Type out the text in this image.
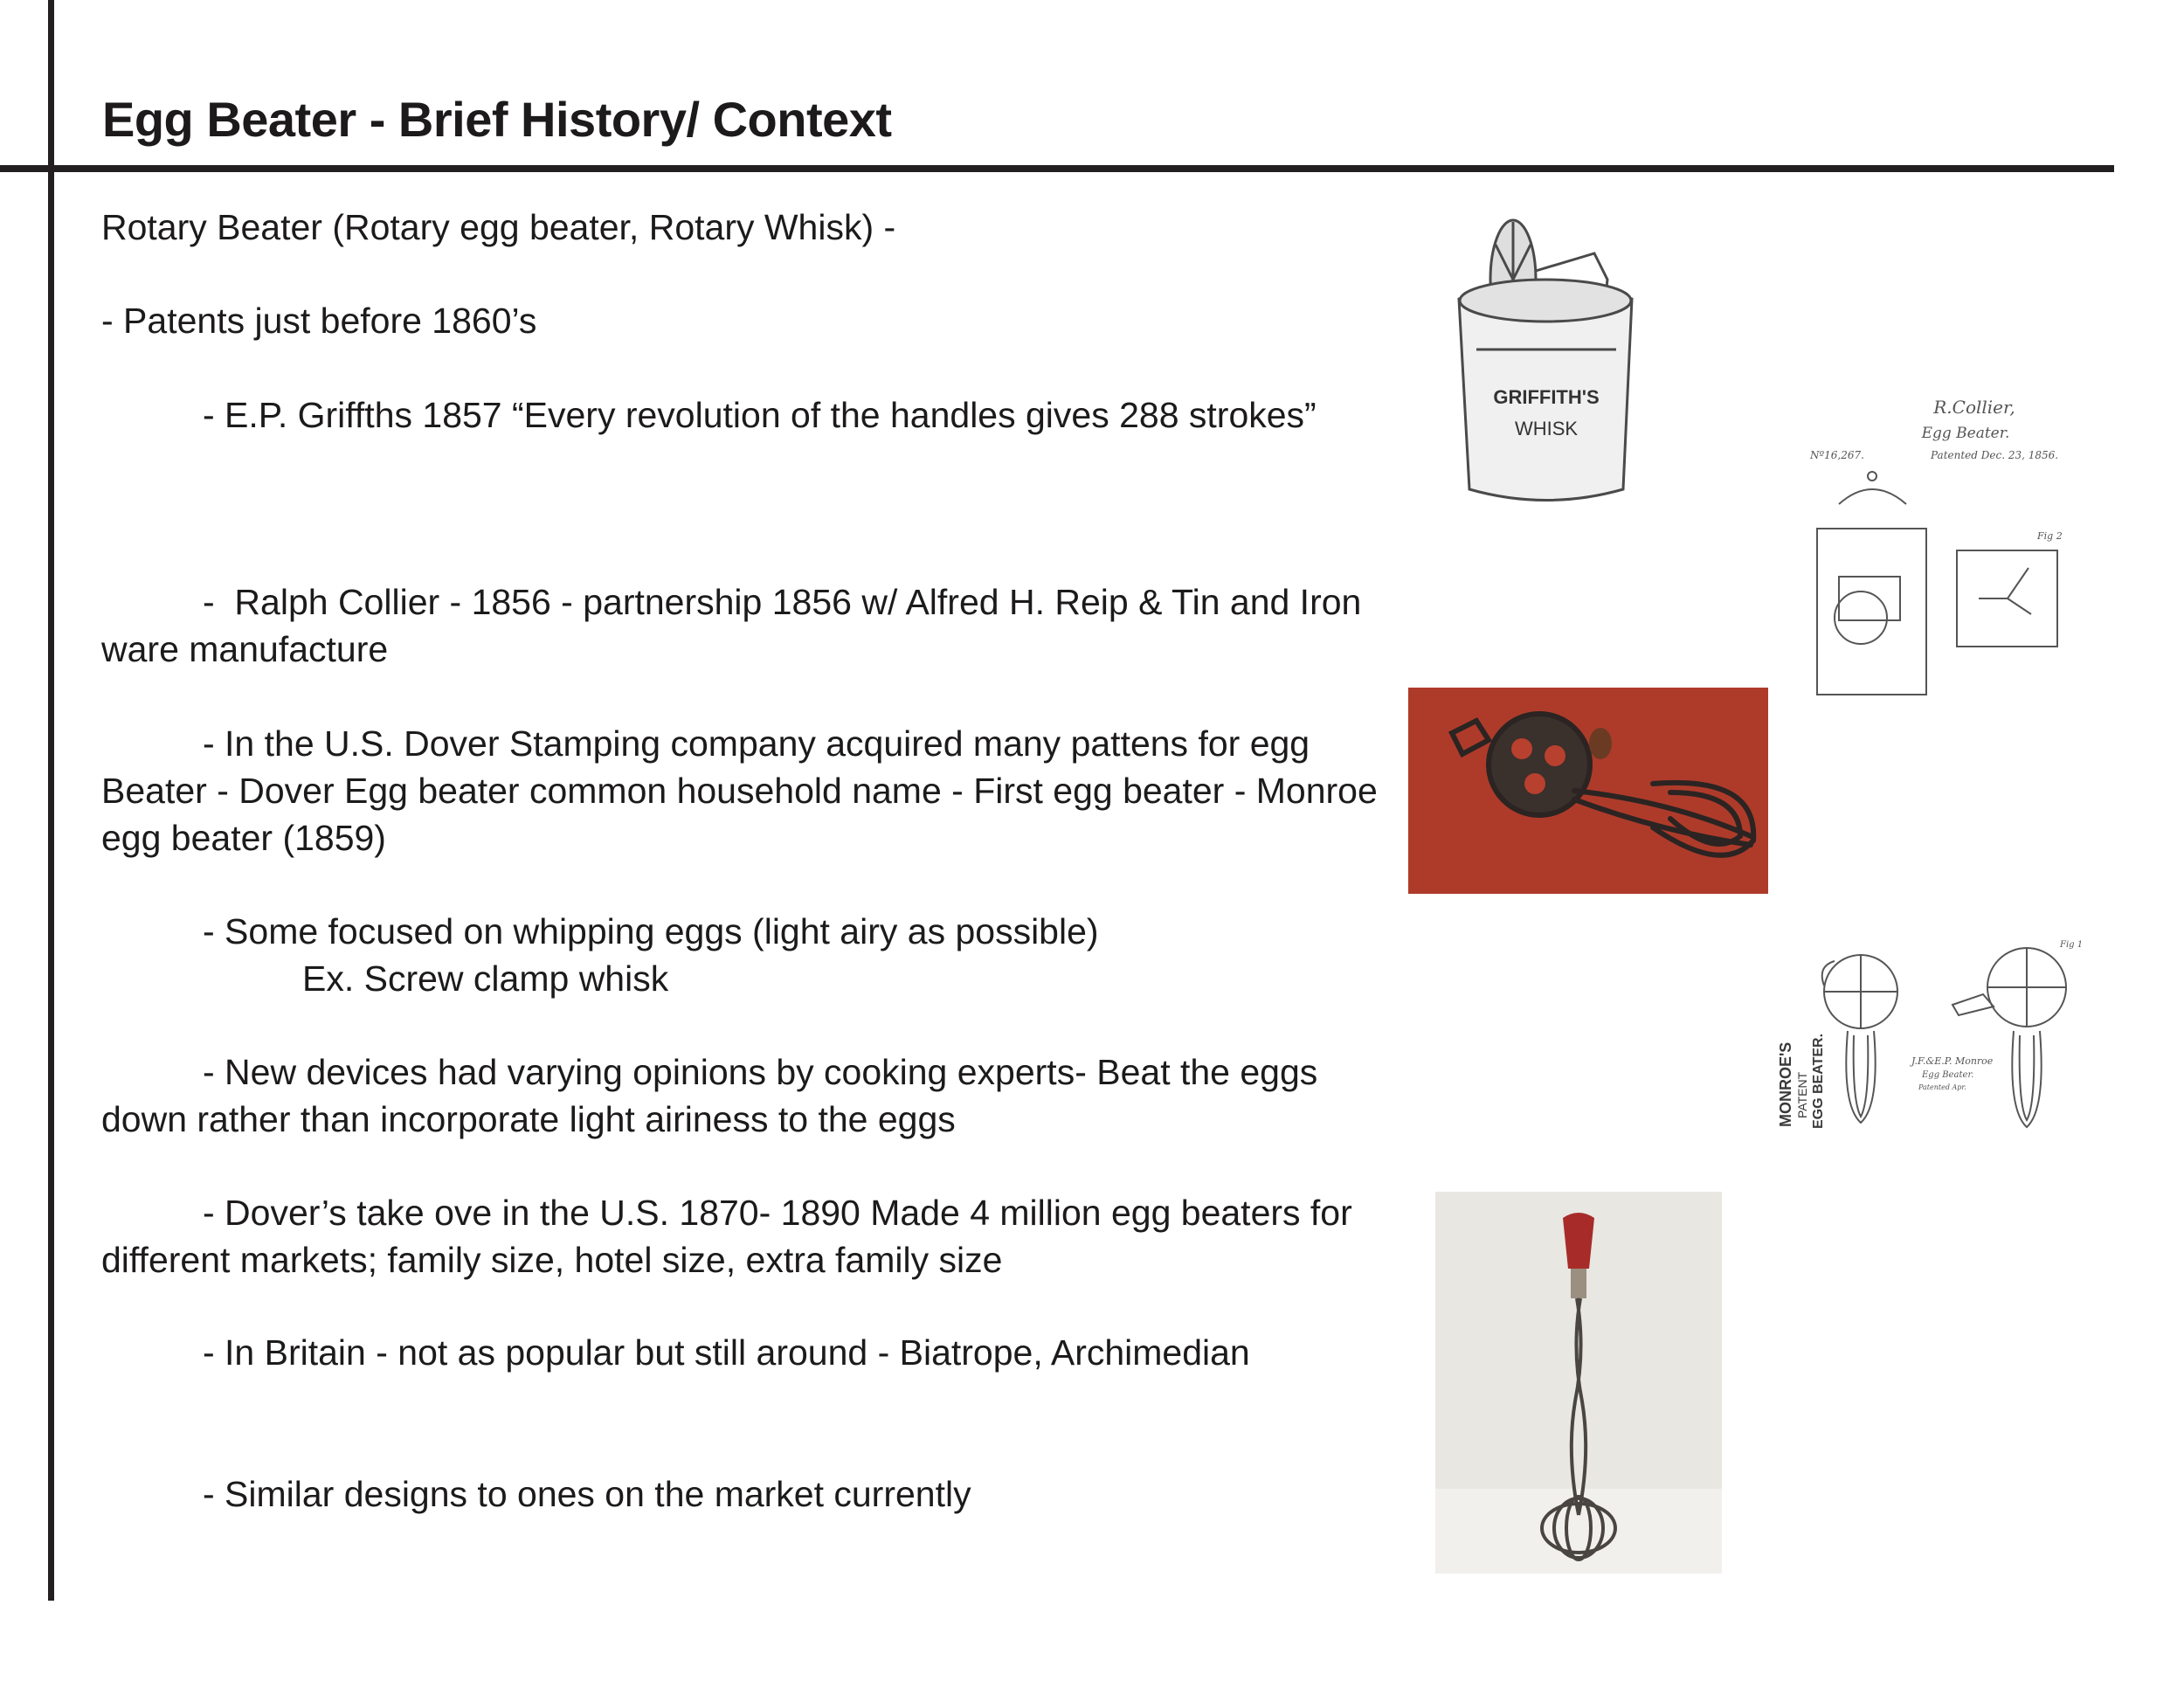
Egg Beater - Brief History/ Context

Rotary Beater (Rotary egg beater, Rotary Whisk) -

- Patents just before 1860’s

- E.P. Griffths 1857 “Every revolution of the handles gives 288 strokes”

-  Ralph Collier - 1856 - partnership 1856 w/ Alfred H. Reip & Tin and Iron ware manufacture

- In the U.S. Dover Stamping company acquired many pattens for egg Beater - Dover Egg beater common household name - First egg beater - Monroe egg beater (1859)

- Some focused on whipping eggs (light airy as possible)

Ex. Screw clamp whisk

- New devices had varying opinions by cooking experts- Beat the eggs down rather than incorporate light airiness to the eggs

- Dover’s take ove in the U.S. 1870- 1890 Made 4 million egg beaters for different markets; family size, hotel size, extra family size

- In Britain - not as popular but still around - Biatrope, Archimedian

- Similar designs to ones on the market currently

GRIFFITH'S
WHISK
R.Collier,
Egg Beater.
Nº16,267.	Patented Dec. 23, 1856.
Fig 2
MONROE'S PATENT EGG BEATER.
Fig 1
J.F.&E.P. Monroe
Egg Beater.
Patented Apr.
